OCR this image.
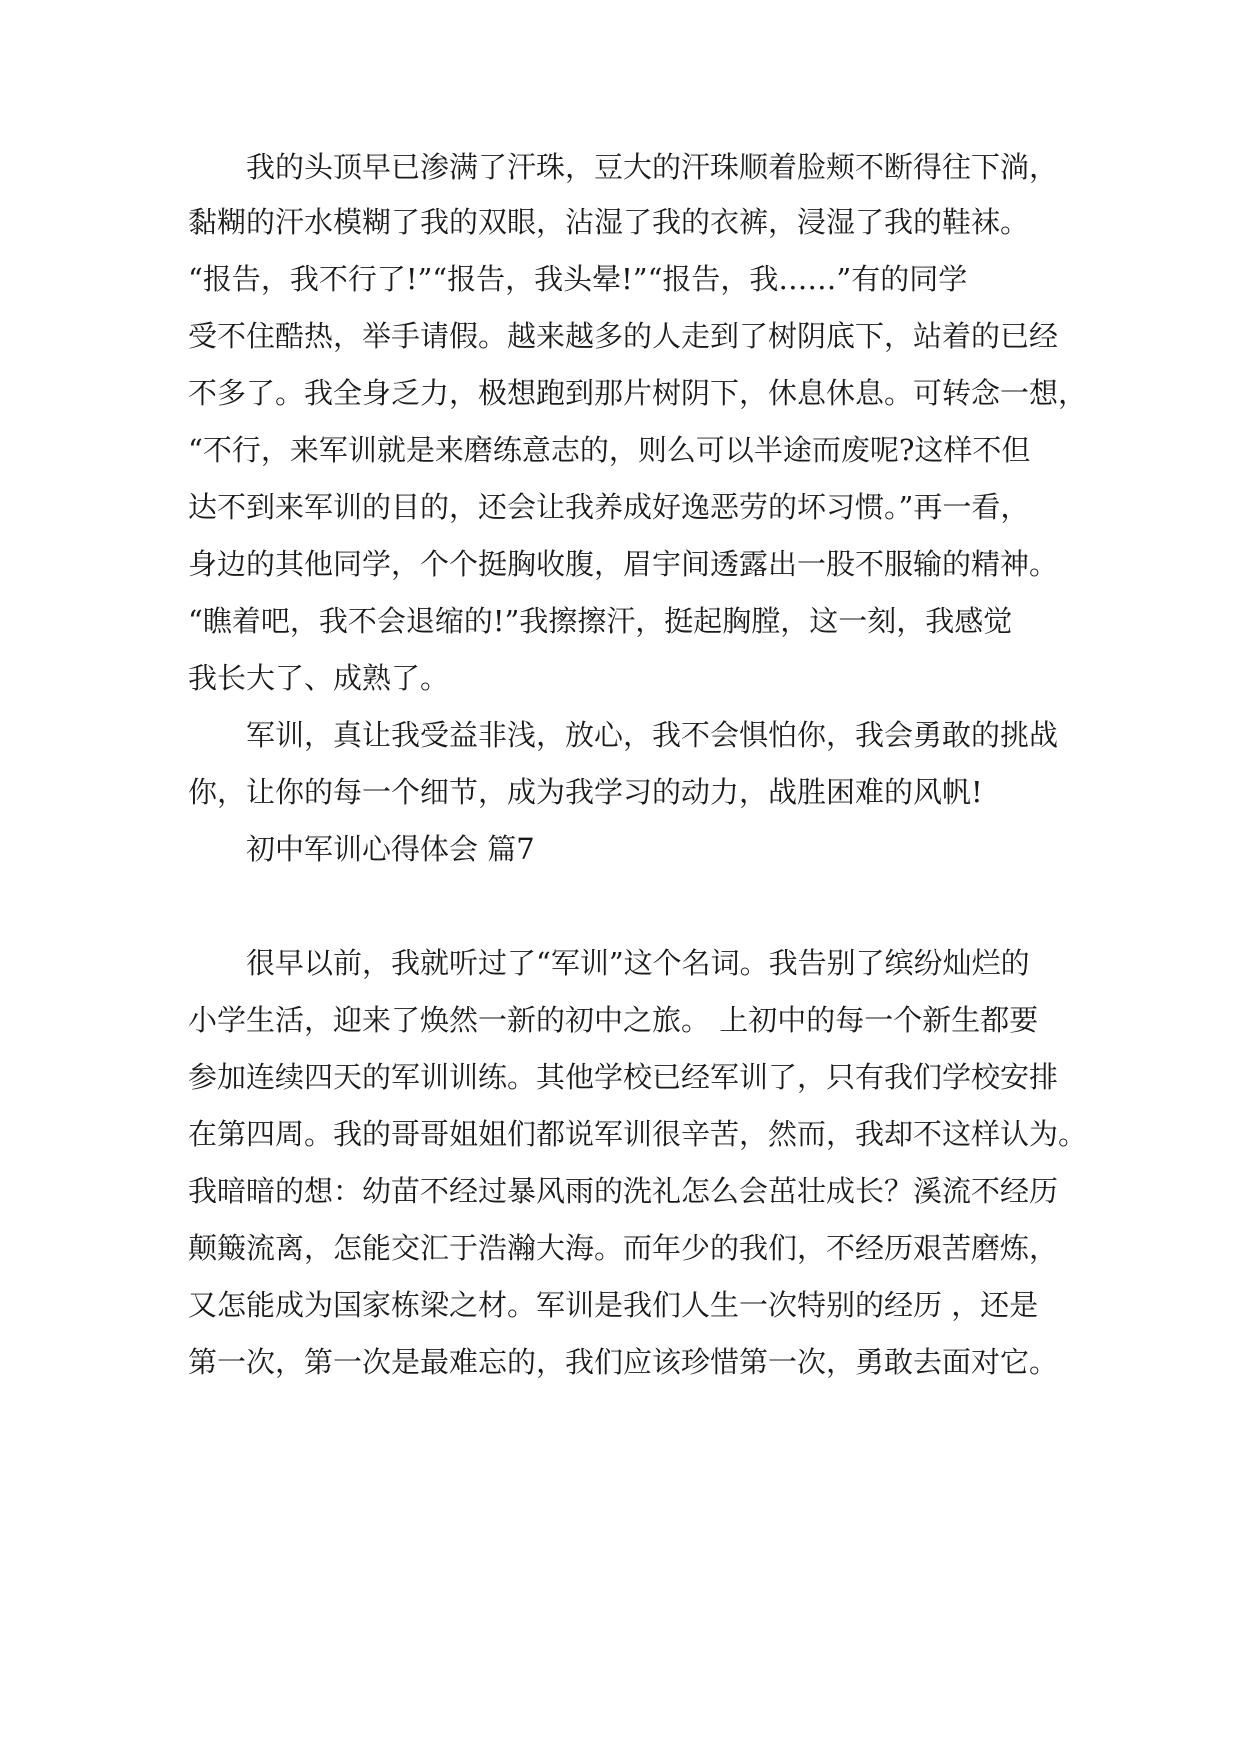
我的头顶早已渗满了汗珠，豆大的汗珠顺着脸颊不断得往下淌，
黏糊的汗水模糊了我的双眼，沾湿了我的衣裤，浸湿了我的鞋袜。
“报告，我不行了!”“报告，我头晕!”“报告，我……”有的同学
受不住酷热，举手请假。越来越多的人走到了树阴底下，站着的已经
不多了。我全身乏力，极想跑到那片树阴下，休息休息。可转念一想，
“不行，来军训就是来磨练意志的，则么可以半途而废呢?这样不但
达不到来军训的目的，还会让我养成好逸恶劳的坏习惯。”再一看，
身边的其他同学，个个挺胸收腹，眉宇间透露出一股不服输的精神。
“瞧着吧，我不会退缩的!”我擦擦汗，挺起胸膛，这一刻，我感觉
我长大了、成熟了。
军训，真让我受益非浅，放心，我不会惧怕你，我会勇敢的挑战
你，让你的每一个细节，成为我学习的动力，战胜困难的风帆!
初中军训心得体会 篇7
很早以前，我就听过了“军训”这个名词。我告别了缤纷灿烂的
小学生活，迎来了焕然一新的初中之旅。 上初中的每一个新生都要
参加连续四天的军训训练。其他学校已经军训了，只有我们学校安排
在第四周。我的哥哥姐姐们都说军训很辛苦，然而，我却不这样认为。
我暗暗的想：幼苗不经过暴风雨的洗礼怎么会茁壮成长？溪流不经历
颠簸流离，怎能交汇于浩瀚大海。而年少的我们，不经历艰苦磨炼，
又怎能成为国家栋梁之材。军训是我们人生一次特别的经历 ，还是
第一次，第一次是最难忘的，我们应该珍惜第一次，勇敢去面对它。
